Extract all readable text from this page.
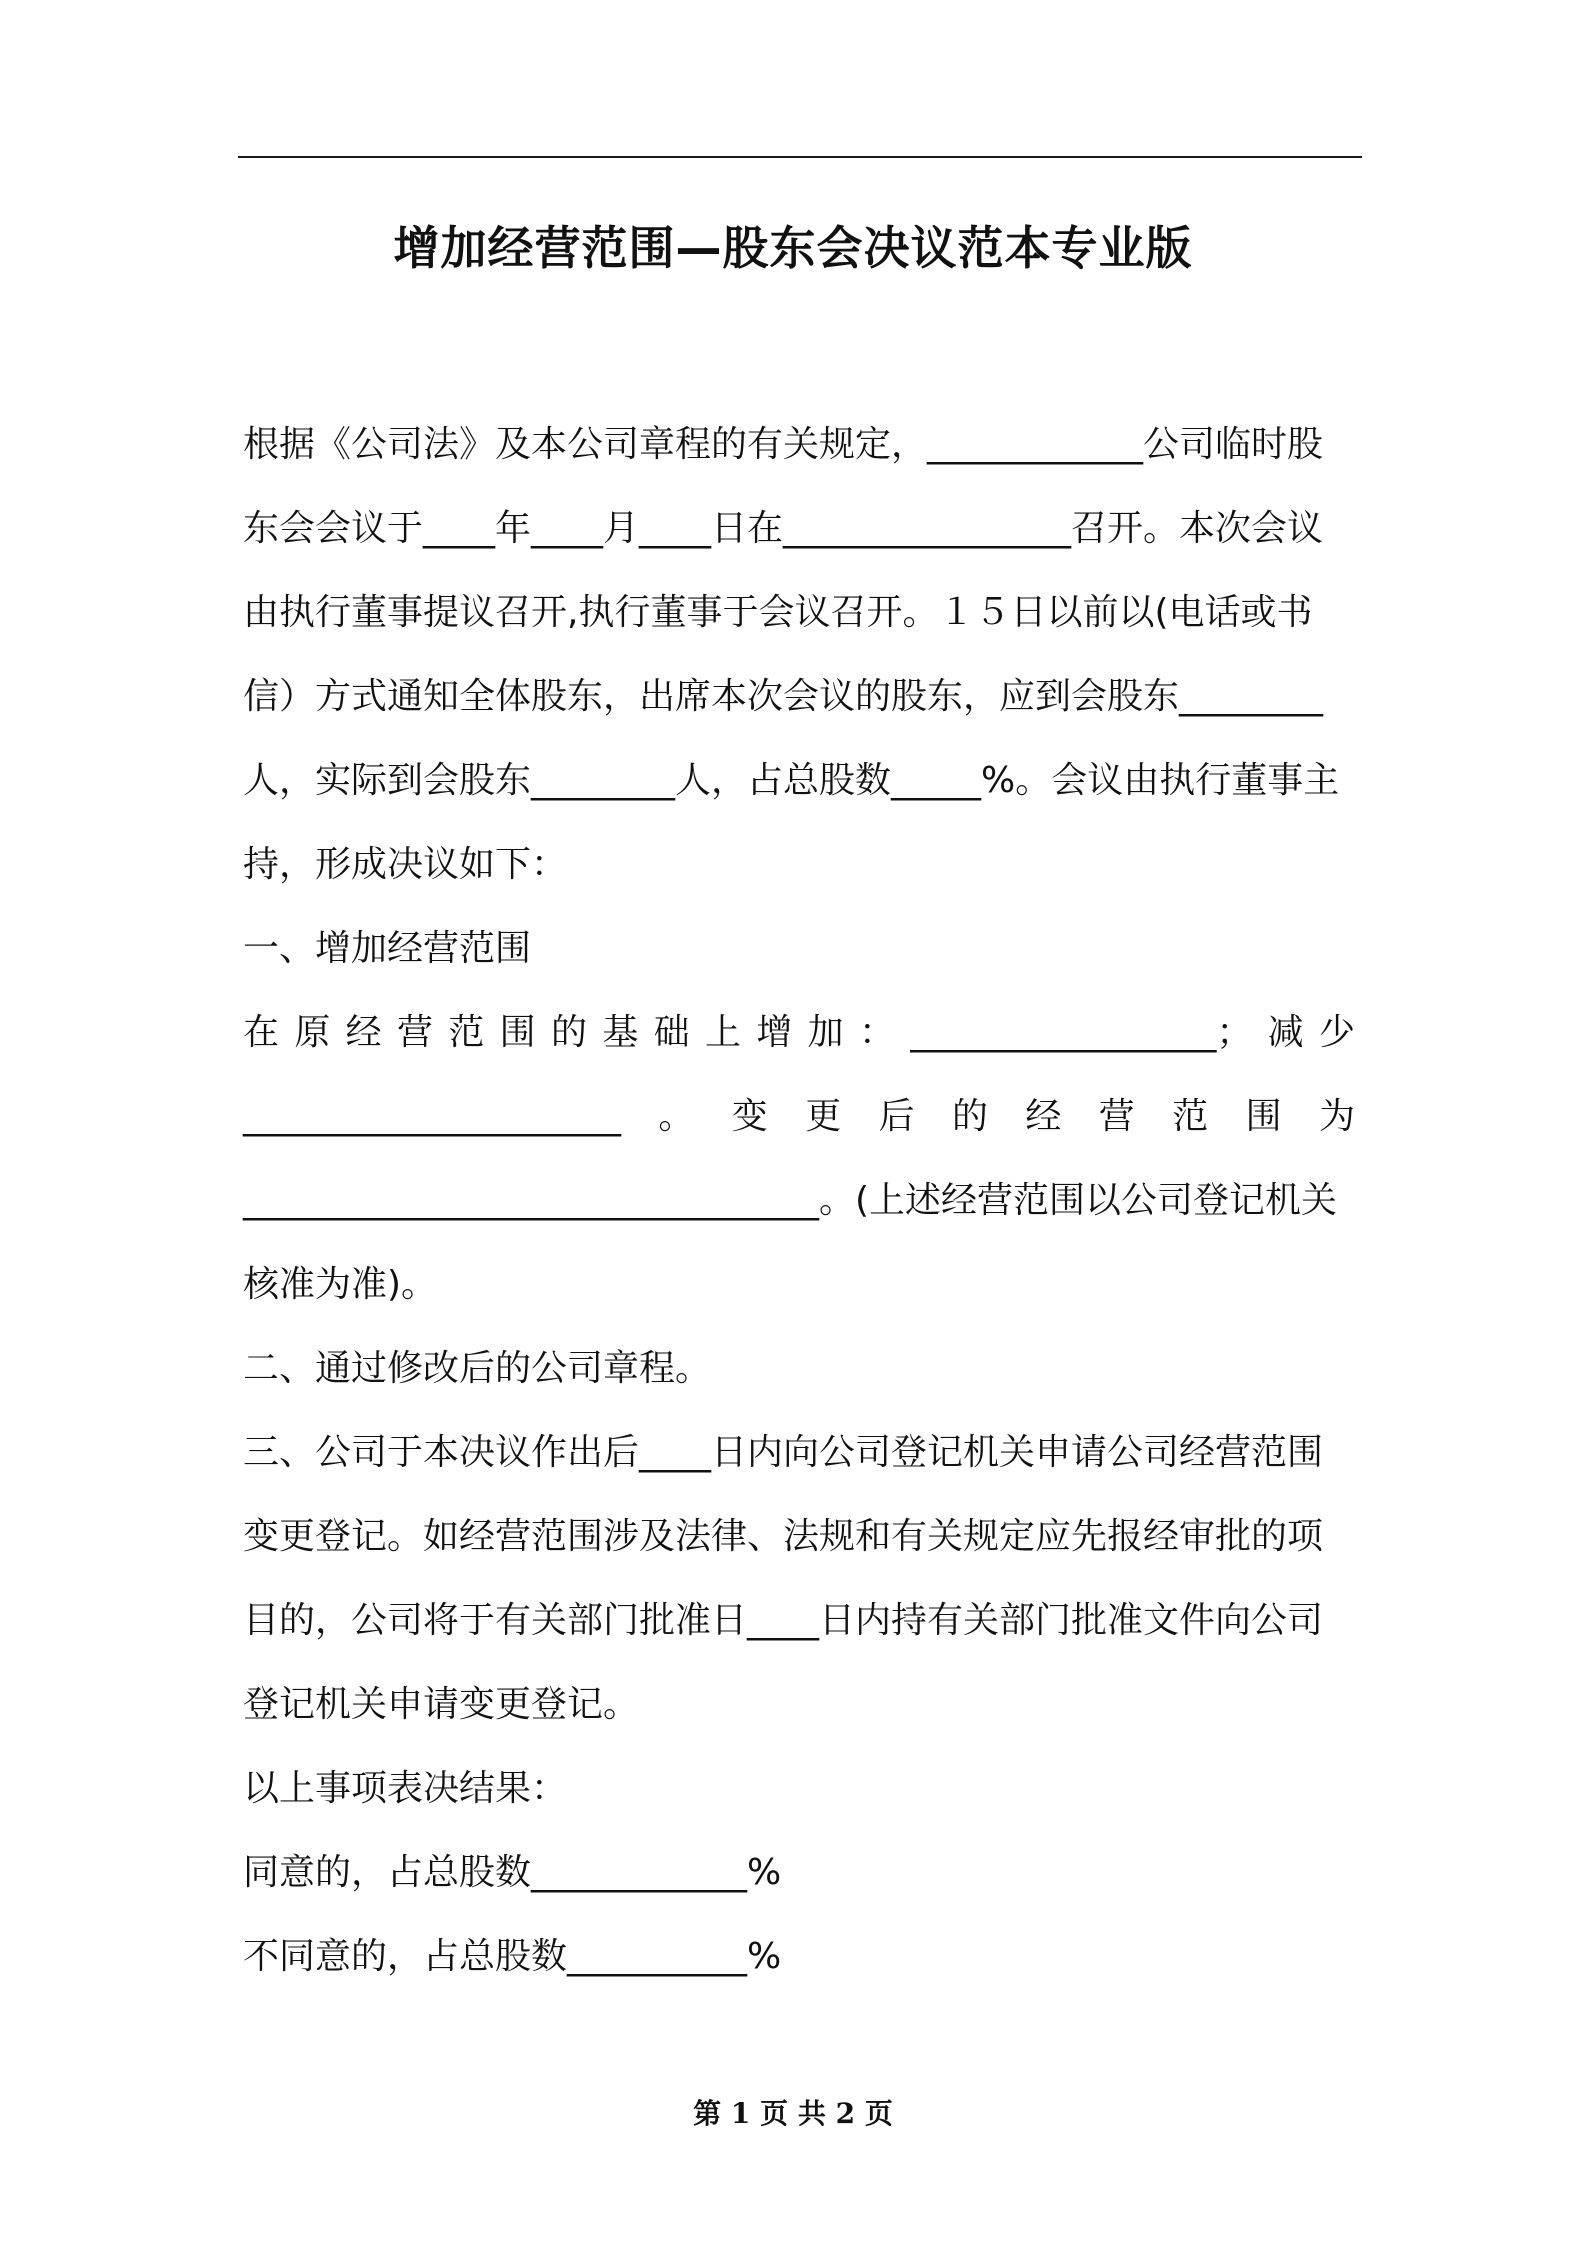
增加经营范围—股东会决议范本专业版

根据《公司法》及本公司章程的有关规定，____________公司临时股东会会议于____年____月____日在________________召开。本次会议由执行董事提议召开,执行董事于会议召开。１５日以前以(电话或书信）方式通知全体股东，出席本次会议的股东，应到会股东________人，实际到会股东________人，占总股数_____%。会议由执行董事主持，形成决议如下：

一、增加经营范围

在原经营范围的基础上增加：_________________；减少

_____________________。变更后的经营范围为

________________________________。(上述经营范围以公司登记机关核准为准)。

二、通过修改后的公司章程。

三、公司于本决议作出后____日内向公司登记机关申请公司经营范围变更登记。如经营范围涉及法律、法规和有关规定应先报经审批的项目的，公司将于有关部门批准日____日内持有关部门批准文件向公司登记机关申请变更登记。

以上事项表决结果：

同意的，占总股数____________%

不同意的，占总股数__________%

第 1 页 共 2 页
